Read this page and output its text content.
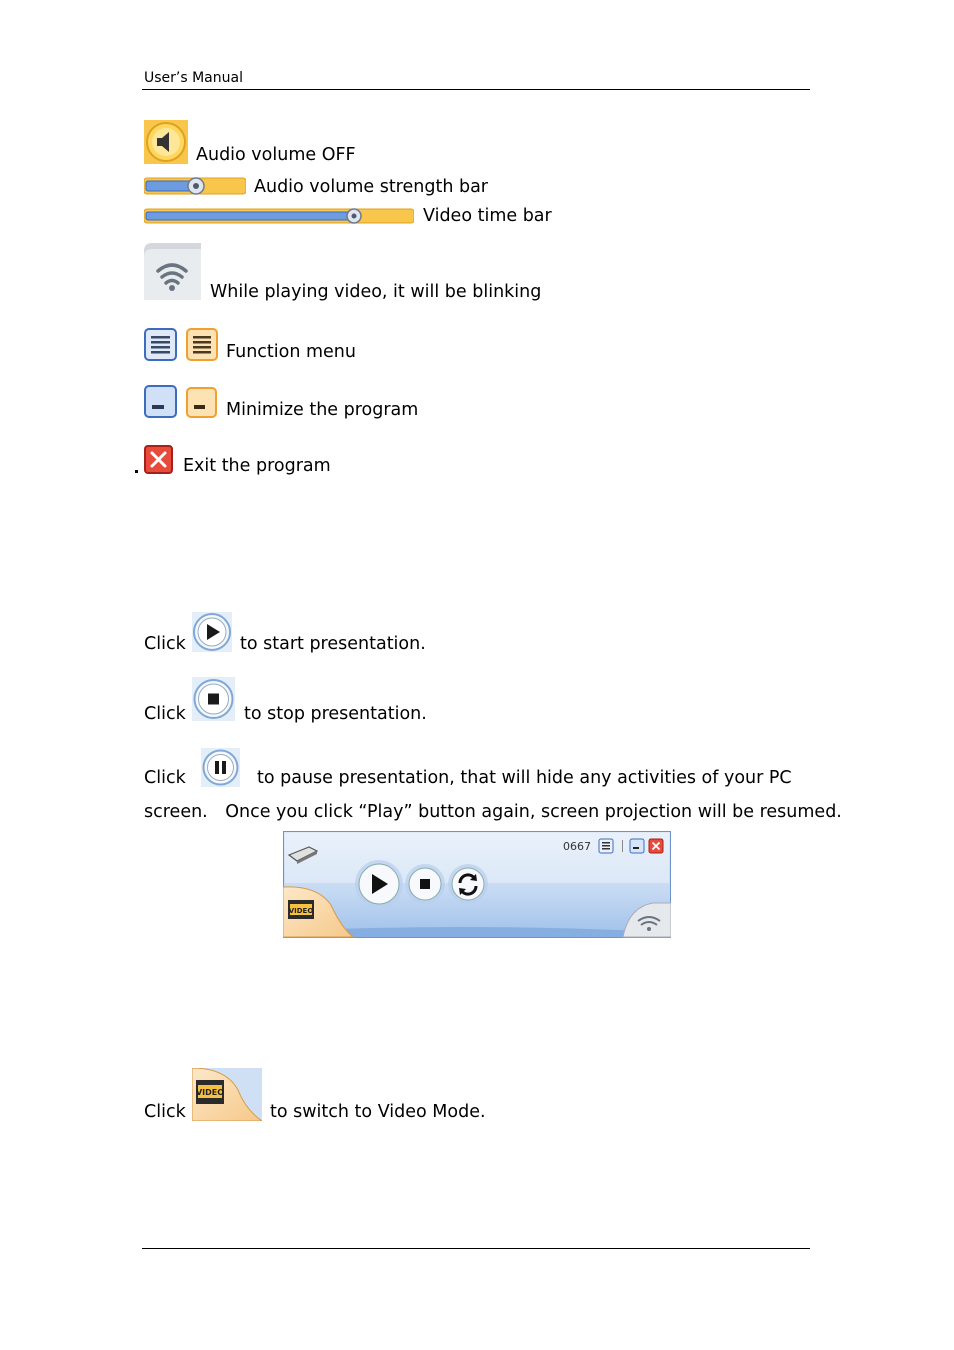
User’s Manual
Audio volume OFF
Audio volume strength bar
Video time bar
While playing video, it will be blinking
Function menu
Minimize the program
Exit the program
Click	to start presentation.
Click	to stop presentation.
Click	to pause presentation, that will hide any activities of your PC
screen. Once you click “Play” button again, screen projection will be resumed.
VIDEO
0667
Click
VIDEO
to switch to Video Mode.
